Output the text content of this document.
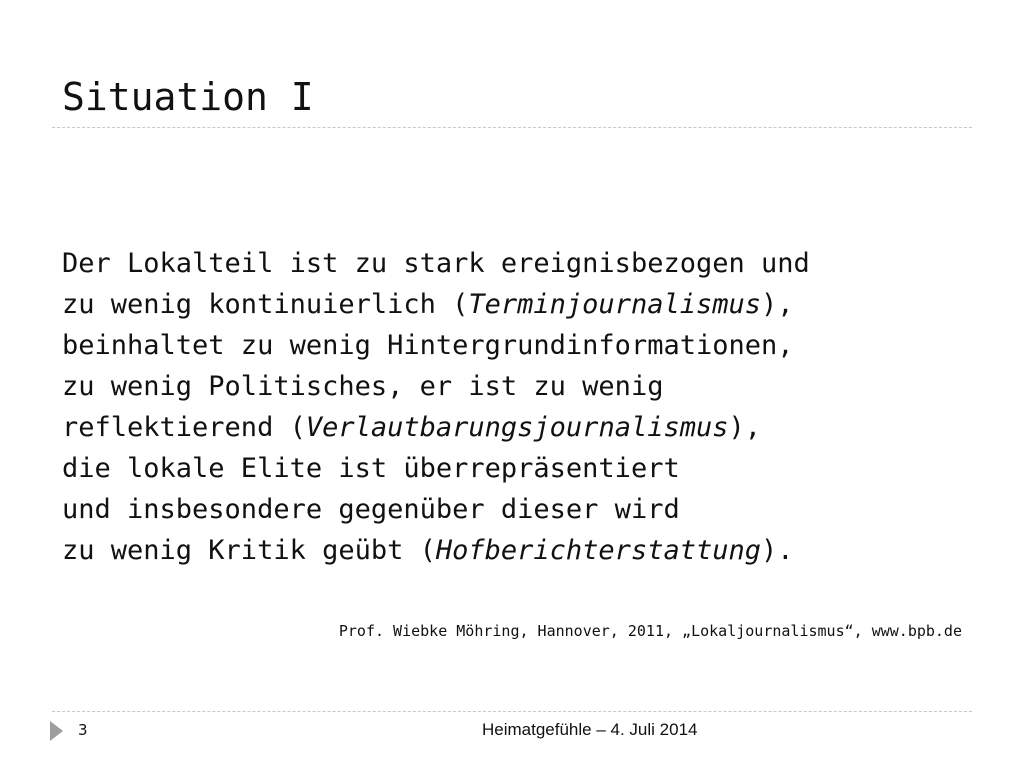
Situation I
Der Lokalteil ist zu stark ereignisbezogen und
zu wenig kontinuierlich (Terminjournalismus),
beinhaltet zu wenig Hintergrundinformationen,
zu wenig Politisches, er ist zu wenig
reflektierend (Verlautbarungsjournalismus),
die lokale Elite ist überrepräsentiert
und insbesondere gegenüber dieser wird
zu wenig Kritik geübt (Hofberichterstattung).
Prof. Wiebke Möhring, Hannover, 2011, „Lokaljournalismus“, www.bpb.de
3	Heimatgefühle – 4. Juli 2014
